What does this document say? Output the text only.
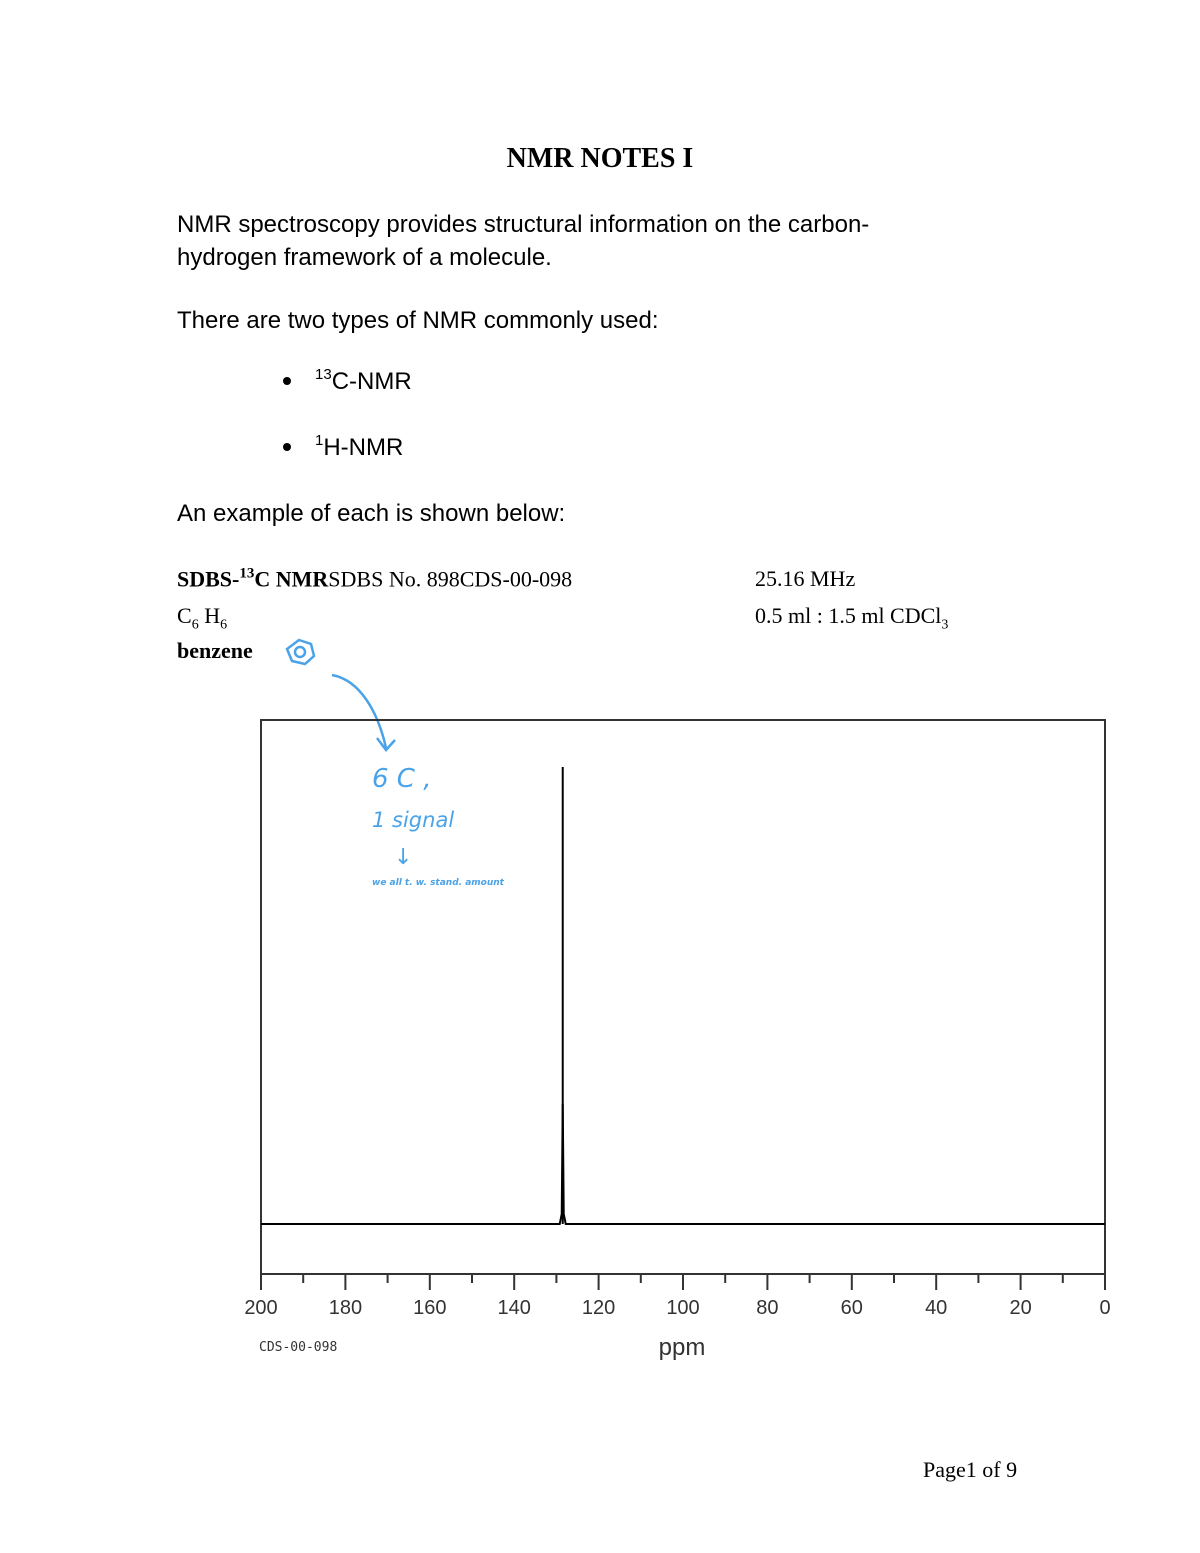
NMR NOTES I
NMR spectroscopy provides structural information on the carbon-
hydrogen framework of a molecule.
There are two types of NMR commonly used:
$^{13}$C-NMR
$^1$H-NMR
An example of each is shown below:
SDBS-$^{13}$C NMRSDBS No. 898CDS-00-098	25.16 MHz
$C_6$ $H_6$	0.5 ml : 1.5 ml CDCl$_3$
benzene
6 C ,
1 signal
↓
we all t. w. stand. amount
200	180	160	140	120	100	80	60	40	20	0
ppm
CDS-00-098
Page1 of 9
